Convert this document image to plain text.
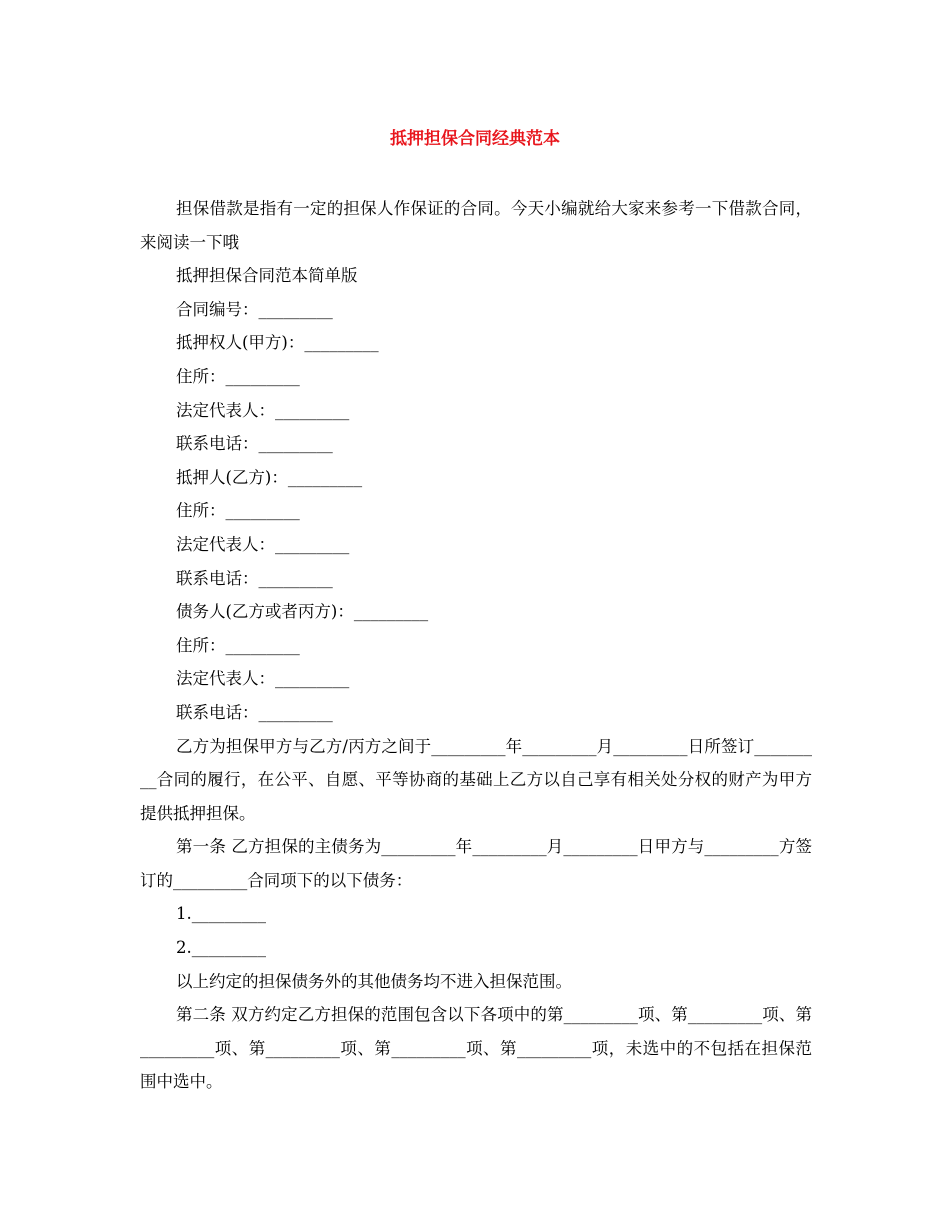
抵押担保合同经典范本

担保借款是指有一定的担保人作保证的合同。今天小编就给大家来参考一下借款合同，来阅读一下哦

抵押担保合同范本简单版

合同编号：_________

抵押权人(甲方)：_________

住所：_________

法定代表人：_________

联系电话：_________

抵押人(乙方)：_________

住所：_________

法定代表人：_________

联系电话：_________

债务人(乙方或者丙方)：_________

住所：_________

法定代表人：_________

联系电话：_________

乙方为担保甲方与乙方/丙方之间于_________年_________月_________日所签订_________合同的履行，在公平、自愿、平等协商的基础上乙方以自己享有相关处分权的财产为甲方提供抵押担保。

第一条 乙方担保的主债务为_________年_________月_________日甲方与_________方签订的_________合同项下的以下债务：

1._________

2._________

以上约定的担保债务外的其他债务均不进入担保范围。

第二条 双方约定乙方担保的范围包含以下各项中的第_________项、第_________项、第_________项、第_________项、第_________项、第_________项，未选中的不包括在担保范围中选中。
